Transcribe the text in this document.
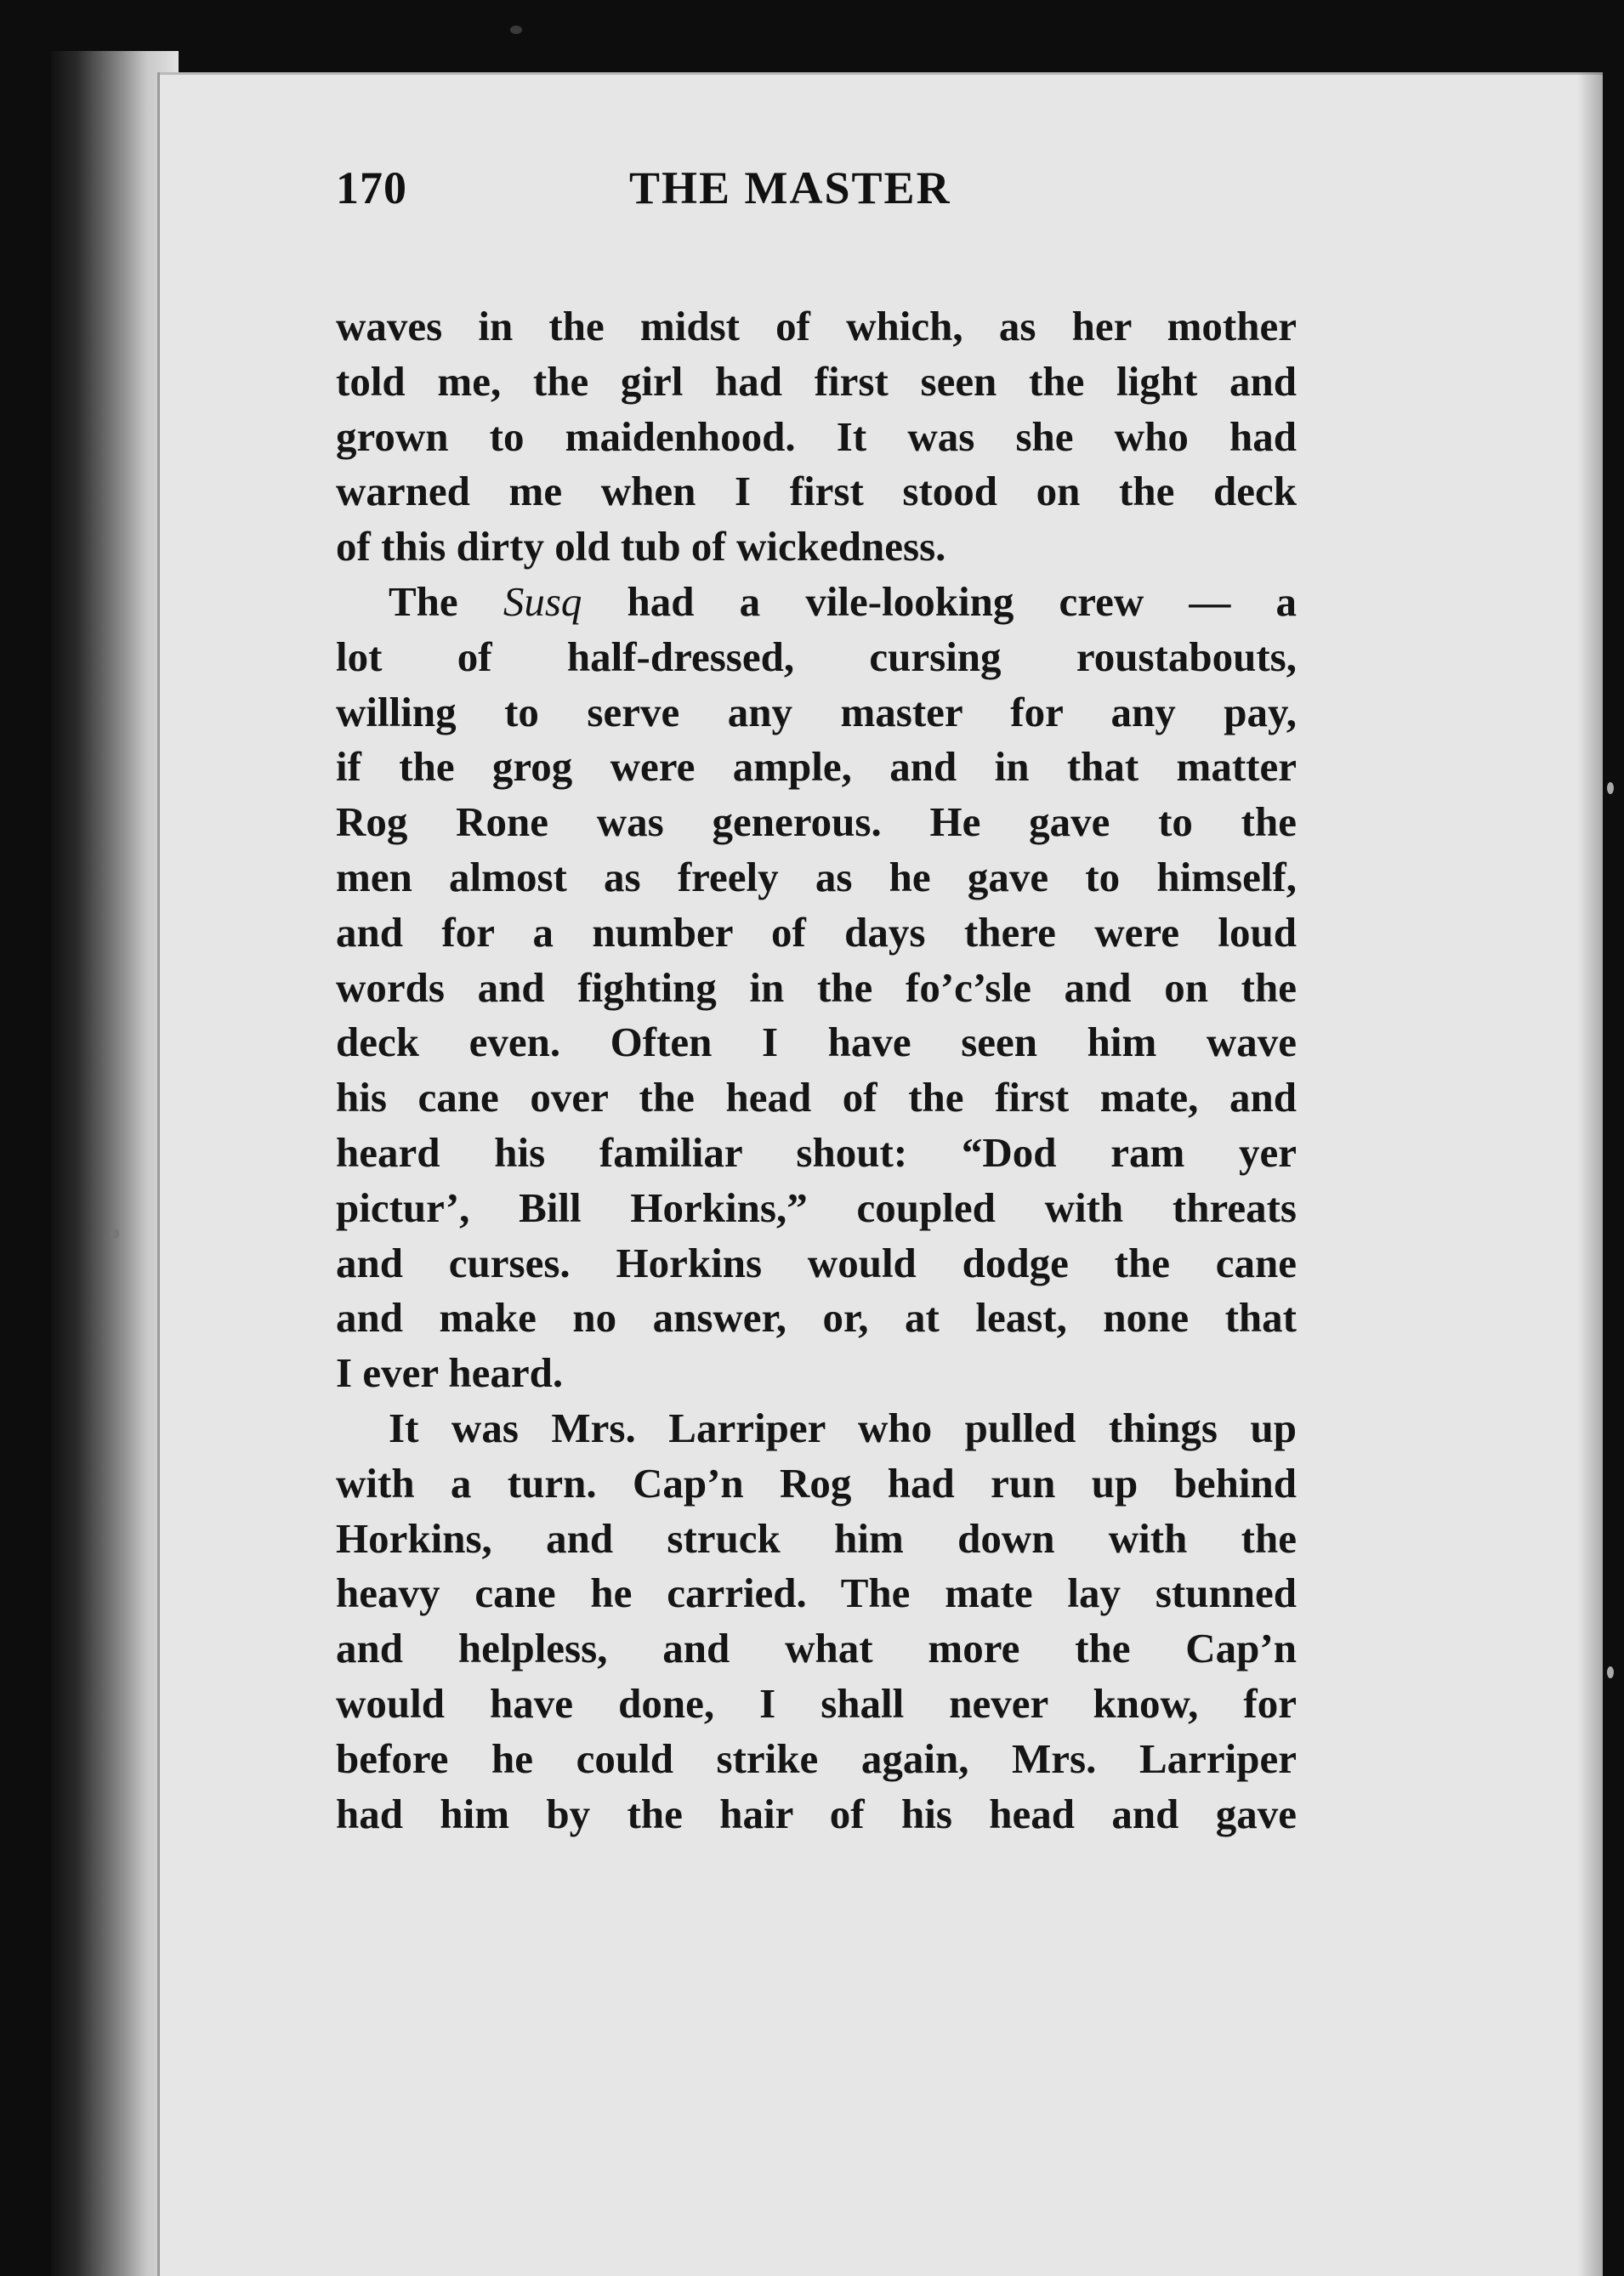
170	THE MASTER
waves in the midst of which, as her mother
told me, the girl had first seen the light and
grown to maidenhood. It was she who had
warned me when I first stood on the deck
of this dirty old tub of wickedness.
The Susq had a vile-looking crew — a
lot of half-dressed, cursing roustabouts,
willing to serve any master for any pay,
if the grog were ample, and in that matter
Rog Rone was generous. He gave to the
men almost as freely as he gave to himself,
and for a number of days there were loud
words and fighting in the fo’c’sle and on the
deck even. Often I have seen him wave
his cane over the head of the first mate, and
heard his familiar shout: “Dod ram yer
pictur’, Bill Horkins,” coupled with threats
and curses. Horkins would dodge the cane
and make no answer, or, at least, none that
I ever heard.
It was Mrs. Larriper who pulled things up
with a turn. Cap’n Rog had run up behind
Horkins, and struck him down with the
heavy cane he carried. The mate lay stunned
and helpless, and what more the Cap’n
would have done, I shall never know, for
before he could strike again, Mrs. Larriper
had him by the hair of his head and gave
